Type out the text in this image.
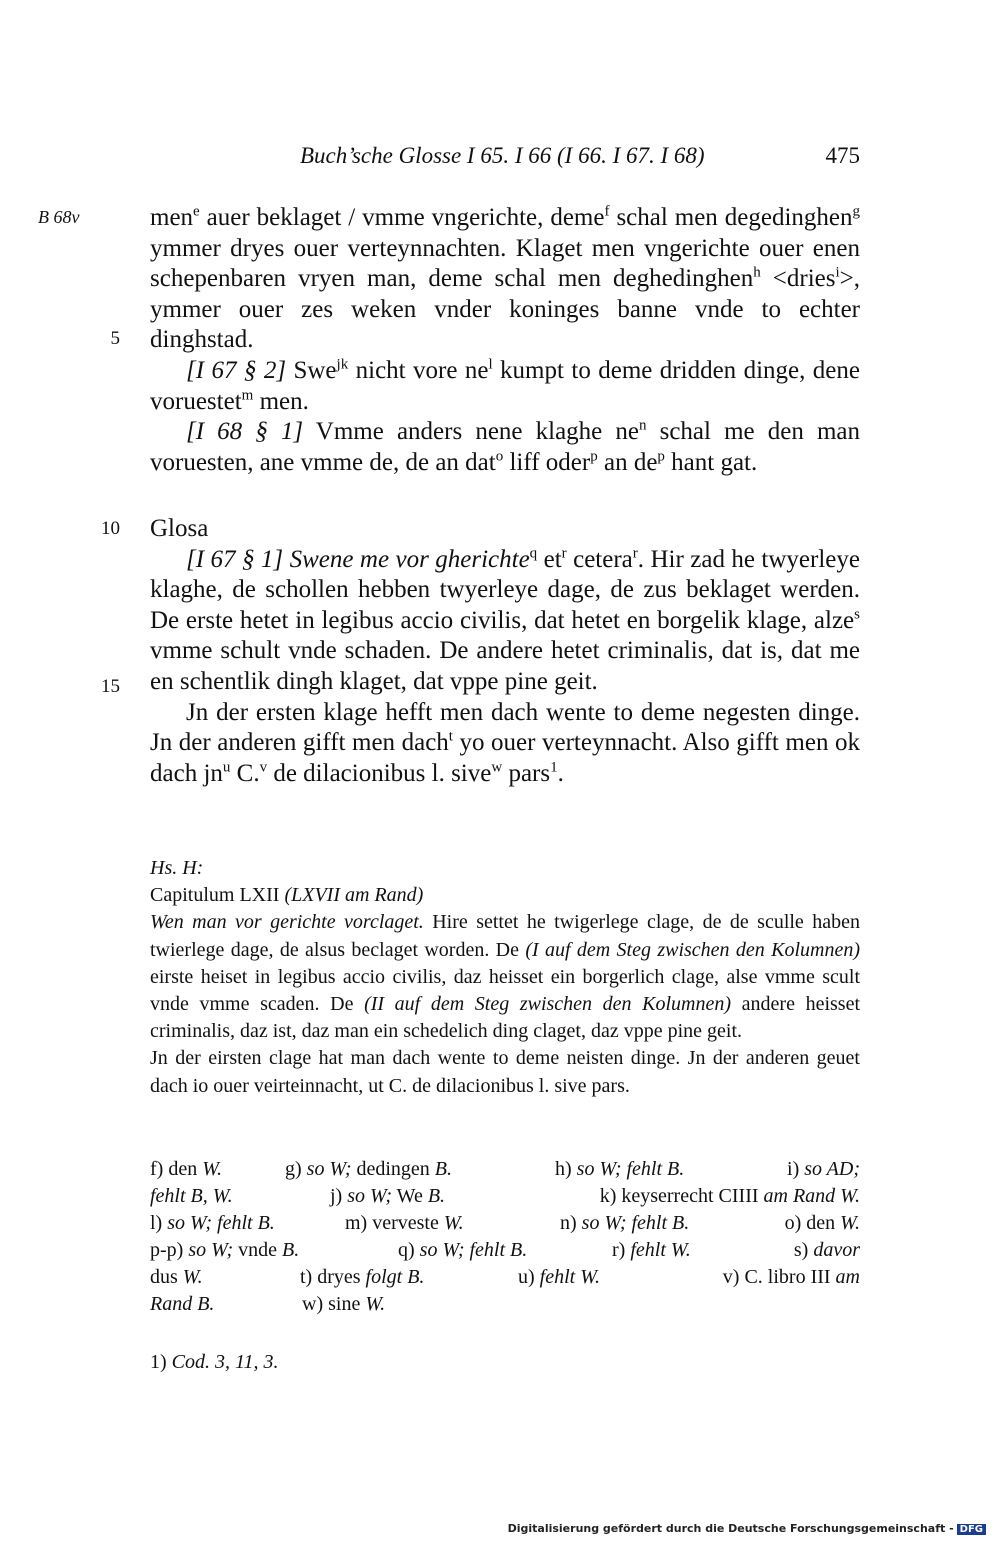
Buch’sche Glosse I 65. I 66 (I 66. I 67. I 68)	475
B 68v
5
10
15

men$^e$ auer beklaget / vmme vngerichte, deme$^f$ schal men degedinghen$^g$ ymmer dryes ouer verteynnachten. Klaget men vngerichte ouer enen schepenbaren vryen man, deme schal men deghedinghen$^h$ <dries$^i$>, ymmer ouer zes weken vnder koninges banne vnde to echter dinghstad.

[I 67 § 2] Swe$^{jk}$ nicht vore $ne^l$ kumpt to deme dridden dinge, dene voruestet$^m$ men.

[I 68 § 1] Vmme anders nene klaghe $ne^n$ schal me den man voruesten, ane vmme de, de an dat$^o$ liff oder$^p$ an $de^p$ hant gat.

Glosa

[I 67 § 1] Swene me vor gherichte$^q$ $et^r$ cetera$^r$. Hir zad he twyerleye klaghe, de schollen hebben twyerleye dage, de zus beklaget werden. De erste hetet in legibus accio civilis, dat hetet en borgelik klage, alze$^s$ vmme schult vnde schaden. De andere hetet criminalis, dat is, dat me en schentlik dingh klaget, dat vppe pine geit.

Jn der ersten klage hefft men dach wente to deme negesten dinge. Jn der anderen gifft men dach$^t$ yo ouer verteynnacht. Also gifft men ok dach $jn^u$ C.$^v$ de dilacionibus l. sive$^w$ pars$^1$.

Hs. H:

Capitulum LXII (LXVII am Rand)

Wen man vor gerichte vorclaget. Hire settet he twigerlege clage, de de sculle haben twierlege dage, de alsus beclaget worden. De (I auf dem Steg zwischen den Kolumnen) eirste heiset in legibus accio civilis, daz heisset ein borgerlich clage, alse vmme scult vnde vmme scaden. De (II auf dem Steg zwischen den Kolumnen) andere heisset criminalis, daz ist, daz man ein schedelich ding claget, daz vppe pine geit.

Jn der eirsten clage hat man dach wente to deme neisten dinge. Jn der anderen geuet dach io ouer veirteinnacht, ut C. de dilacionibus l. sive pars.

f) den W.	g) so W; dedingen B.	h) so W; fehlt B.	i) so AD;
fehlt B, W.	j) so W; We B.	k) keyserrecht CIIII am Rand W.
l) so W; fehlt B.	m) verveste W.	n) so W; fehlt B.	o) den W.
p-p) so W; vnde B.	q) so W; fehlt B.	r) fehlt W.	s) davor
dus W.	t) dryes folgt B.	u) fehlt W.	v) C. libro III am
Rand B.	w) sine W.
1) Cod. 3, 11, 3.
Digitalisierung gefördert durch die Deutsche Forschungsgemeinschaft - DFG
